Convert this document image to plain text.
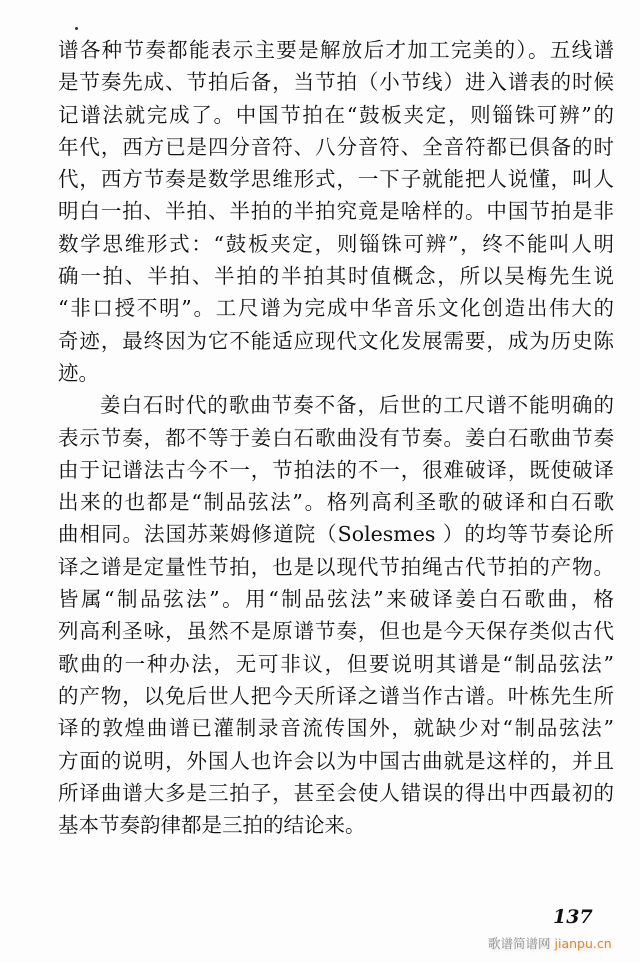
谱各种节奏都能表示主要是解放后才加工完美的）。五线谱
是节奏先成、节拍后备，当节拍（小节线）进入谱表的时候
记谱法就完成了。中国节拍在“鼓板夹定，则锱铢可辨”的
年代，西方已是四分音符、八分音符、全音符都已俱备的时
代，西方节奏是数学思维形式，一下子就能把人说懂，叫人
明白一拍、半拍、半拍的半拍究竟是啥样的。中国节拍是非
数学思维形式：“鼓板夹定，则锱铢可辨”，终不能叫人明
确一拍、半拍、半拍的半拍其时值概念，所以吴梅先生说
“非口授不明”。工尺谱为完成中华音乐文化创造出伟大的
奇迹，最终因为它不能适应现代文化发展需要，成为历史陈
迹。
姜白石时代的歌曲节奏不备，后世的工尺谱不能明确的
表示节奏，都不等于姜白石歌曲没有节奏。姜白石歌曲节奏
由于记谱法古今不一，节拍法的不一，很难破译，既使破译
出来的也都是“制品弦法”。格列高利圣歌的破译和白石歌
曲相同。法国苏莱姆修道院（Solesmes ）的均等节奏论所
译之谱是定量性节拍，也是以现代节拍绳古代节拍的产物。
皆属“制品弦法”。用“制品弦法”来破译姜白石歌曲，格
列高利圣咏，虽然不是原谱节奏，但也是今天保存类似古代
歌曲的一种办法，无可非议，但要说明其谱是“制品弦法”
的产物，以免后世人把今天所译之谱当作古谱。叶栋先生所
译的敦煌曲谱已灌制录音流传国外，就缺少对“制品弦法”
方面的说明，外国人也许会以为中国古曲就是这样的，并且
所译曲谱大多是三拍子，甚至会使人错误的得出中西最初的
基本节奏韵律都是三拍的结论来。
137
歌谱简谱网 jianpu.cn
